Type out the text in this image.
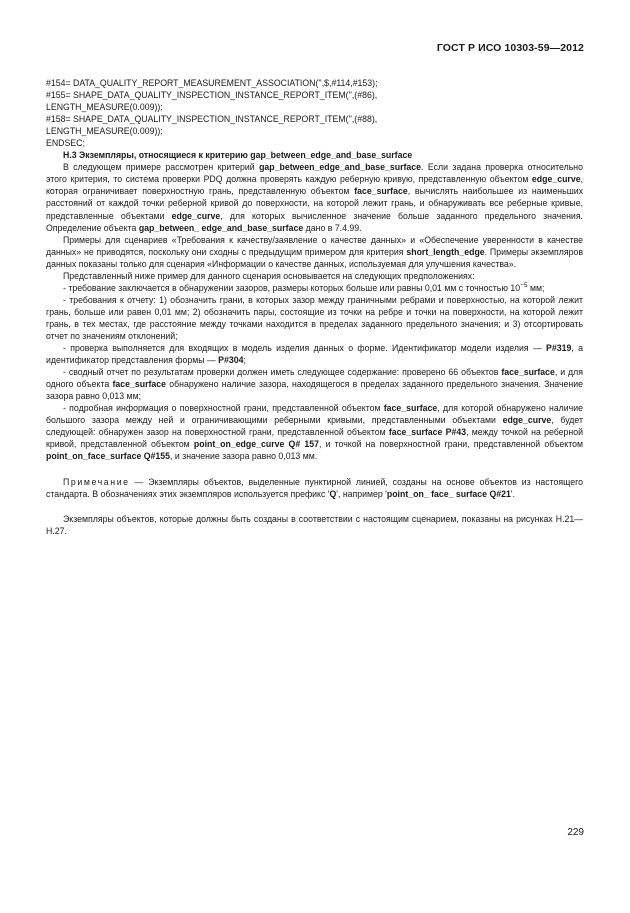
ГОСТ Р ИСО 10303-59—2012

#154= DATA_QUALITY_REPORT_MEASUREMENT_ASSOCIATION('',$,#114,#153);

#155= SHAPE_DATA_QUALITY_INSPECTION_INSTANCE_REPORT_ITEM('',(#86),

LENGTH_MEASURE(0.009));

#158= SHAPE_DATA_QUALITY_INSPECTION_INSTANCE_REPORT_ITEM('',(#88),

LENGTH_MEASURE(0.009));

ENDSEC;

Н.3 Экземпляры, относящиеся к критерию gap_between_edge_and_base_surface

В следующем примере рассмотрен критерий gap_between_edge_and_base_surface. Если задана проверка относительно этого критерия, то система проверки PDQ должна проверять каждую реберную кривую, представленную объектом edge_curve, которая ограничивает поверхностную грань, представленную объектом face_surface, вычислять наибольшее из наименьших расстояний от каждой точки реберной кривой до поверхности, на которой лежит грань, и обнаруживать все реберные кривые, представленные объектами edge_curve, для которых вычисленное значение больше заданного предельного значения. Определение объекта gap_between_ edge_and_base_surface дано в 7.4.99.

Примеры для сценариев «Требования к качеству/заявление о качестве данных» и «Обеспечение уверенности в качестве данных» не приводятся, поскольку они сходны с предыдущим примером для критерия short_length_edge. Примеры экземпляров данных показаны только для сценария «Информации о качестве данных, используемая для улучшения качества».

Представленный ниже пример для данного сценария основывается на следующих предположениях:

- требование заключается в обнаружении зазоров, размеры которых больше или равны 0,01 мм с точностью $10^{-5}$ мм;

- требования к отчету: 1) обозначить грани, в которых зазор между граничными ребрами и поверхностью, на которой лежит грань, больше или равен 0,01 мм; 2) обозначить пары, состоящие из точки на ребре и точки на поверхности, на которой лежит грань, в тех местах, где расстояние между точками находится в пределах заданного предельного значения; и 3) отсортировать отчет по значениям отклонений;

- проверка выполняется для входящих в модель изделия данных о форме. Идентификатор модели изделия — P#319, а идентификатор представления формы — P#304;

- сводный отчет по результатам проверки должен иметь следующее содержание: проверено 66 объектов face_surface, и для одного объекта face_surface обнаружено наличие зазора, находящегося в пределах заданного предельного значения. Значение зазора равно 0,013 мм;

- подробная информация о поверхностной грани, представленной объектом face_surface, для которой обнаружено наличие большого зазора между ней и ограничивающими реберными кривыми, представленными объектами edge_curve, будет следующей: обнаружен зазор на поверхностной грани, представленной объектом face_surface P#43, между точкой на реберной кривой, представленной объектом point_on_edge_curve Q# 157, и точкой на поверхностной грани, представленной объектом point_on_face_surface Q#155, и значение зазора равно 0,013 мм.

Примечание — Экземпляры объектов, выделенные пунктирной линией, созданы на основе объектов из настоящего стандарта. В обозначениях этих экземпляров используется префикс 'Q', например 'point_on_ face_ surface Q#21'.

Экземпляры объектов, которые должны быть созданы в соответствии с настоящим сценарием, показаны на рисунках Н.21—Н.27.

229
